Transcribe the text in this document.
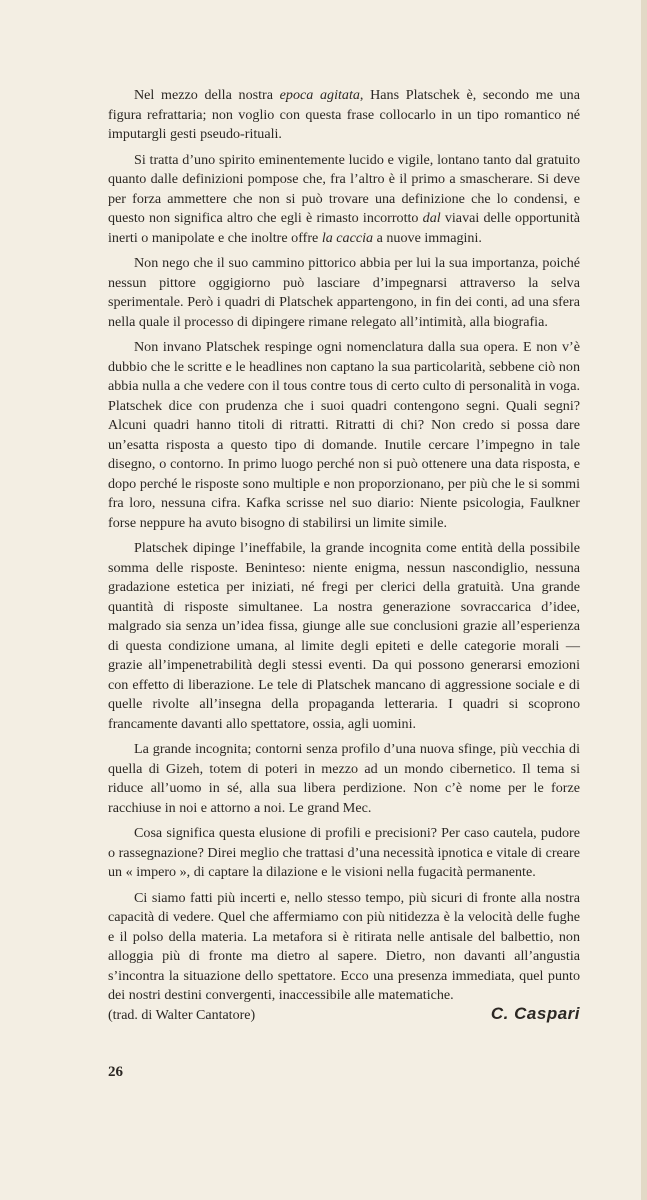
Nel mezzo della nostra epoca agitata, Hans Platschek è, secondo me una figura refrattaria; non voglio con questa frase collocarlo in un tipo romantico né imputargli gesti pseudo-rituali.

Si tratta d’uno spirito eminentemente lucido e vigile, lontano tanto dal gratuito quanto dalle definizioni pompose che, fra l’altro è il primo a smascherare. Si deve per forza ammettere che non si può trovare una definizione che lo condensi, e questo non significa altro che egli è rimasto incorrotto dal viavai delle opportunità inerti o manipolate e che inoltre offre la caccia a nuove immagini.

Non nego che il suo cammino pittorico abbia per lui la sua importanza, poiché nessun pittore oggigiorno può lasciare d’impegnarsi attraverso la selva sperimentale. Però i quadri di Platschek appartengono, in fin dei conti, ad una sfera nella quale il processo di dipingere rimane relegato all’intimità, alla biografia.

Non invano Platschek respinge ogni nomenclatura dalla sua opera. E non v’è dubbio che le scritte e le headlines non captano la sua particolarità, sebbene ciò non abbia nulla a che vedere con il tous contre tous di certo culto di personalità in voga. Platschek dice con prudenza che i suoi quadri contengono segni. Quali segni? Alcuni quadri hanno titoli di ritratti. Ritratti di chi? Non credo si possa dare un’esatta risposta a questo tipo di domande. Inutile cercare l’impegno in tale disegno, o contorno. In primo luogo perché non si può ottenere una data risposta, e dopo perché le risposte sono multiple e non proporzionano, per più che le si sommi fra loro, nessuna cifra. Kafka scrisse nel suo diario: Niente psicologia, Faulkner forse neppure ha avuto bisogno di stabilirsi un limite simile.

Platschek dipinge l’ineffabile, la grande incognita come entità della possibile somma delle risposte. Beninteso: niente enigma, nessun nascondiglio, nessuna gradazione estetica per iniziati, né fregi per clerici della gratuità. Una grande quantità di risposte simultanee. La nostra generazione sovraccarica d’idee, malgrado sia senza un’idea fissa, giunge alle sue conclusioni grazie all’esperienza di questa condizione umana, al limite degli epiteti e delle categorie morali — grazie all’impenetrabilità degli stessi eventi. Da qui possono generarsi emozioni con effetto di liberazione. Le tele di Platschek mancano di aggressione sociale e di quelle rivolte all’insegna della propaganda letteraria. I quadri si scoprono francamente davanti allo spettatore, ossia, agli uomini.

La grande incognita; contorni senza profilo d’una nuova sfinge, più vecchia di quella di Gizeh, totem di poteri in mezzo ad un mondo cibernetico. Il tema si riduce all’uomo in sé, alla sua libera perdizione. Non c’è nome per le forze racchiuse in noi e attorno a noi. Le grand Mec.

Cosa significa questa elusione di profili e precisioni? Per caso cautela, pudore o rassegnazione? Direi meglio che trattasi d’una necessità ipnotica e vitale di creare un « impero », di captare la dilazione e le visioni nella fugacità permanente.

Ci siamo fatti più incerti e, nello stesso tempo, più sicuri di fronte alla nostra capacità di vedere. Quel che affermiamo con più nitidezza è la velocità delle fughe e il polso della materia. La metafora si è ritirata nelle antisale del balbettio, non alloggia più di fronte ma dietro al sapere. Dietro, non davanti all’angustia s’incontra la situazione dello spettatore. Ecco una presenza immediata, quel punto dei nostri destini convergenti, inaccessibile alle matematiche.

(trad. di Walter Cantatore)	C. Caspari
26
